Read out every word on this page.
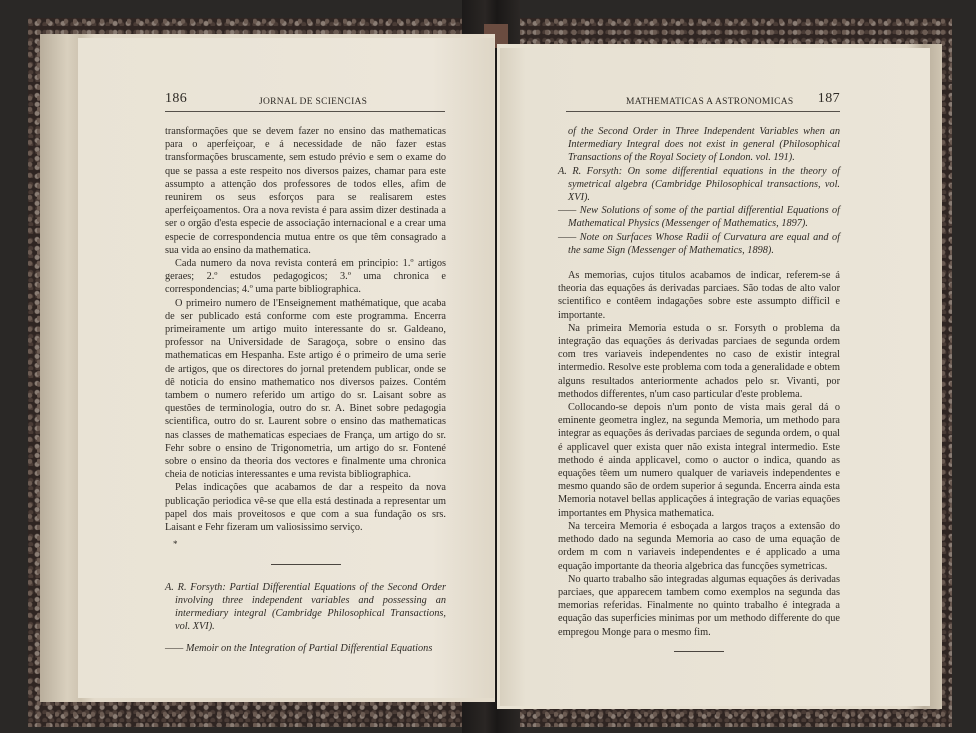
186	JORNAL DE SCIENCIAS

transformações que se devem fazer no ensino das mathematicas para o aperfeiçoar, e á necessidade de não fazer estas transformações bruscamente, sem estudo prévio e sem o exame do que se passa a este respeito nos diversos paizes, chamar para este assumpto a attenção dos professores de todos elles, afim de reunirem os seus esforços para se realisarem estes aperfeiçoamentos. Ora a nova revista é para assim dizer destinada a ser o orgão d'esta especie de associação internacional e a crear uma especie de correspondencia mutua entre os que têm consagrado a sua vida ao ensino da mathematica.

Cada numero da nova revista conterá em principio: 1.º artigos geraes; 2.º estudos pedagogicos; 3.º uma chronica e correspondencias; 4.º uma parte bibliographica.

O primeiro numero de l'Enseignement mathématique, que acaba de ser publicado está conforme com este programma. Encerra primeiramente um artigo muito interessante do sr. Galdeano, professor na Universidade de Saragoça, sobre o ensino das mathematicas em Hespanha. Este artigo é o primeiro de uma serie de artigos, que os directores do jornal pretendem publicar, onde se dê noticia do ensino mathematico nos diversos paizes. Contém tambem o numero referido um artigo do sr. Laisant sobre as questões de terminologia, outro do sr. A. Binet sobre pedagogia scientifica, outro do sr. Laurent sobre o ensino das mathematicas nas classes de mathematicas especiaes de França, um artigo do sr. Fehr sobre o ensino de Trigonometria, um artigo do sr. Fontené sobre o ensino da theoria dos vectores e finalmente uma chronica cheia de noticias interessantes e uma revista bibliographica.

Pelas indicações que acabamos de dar a respeito da nova publicação periodica vê-se que ella está destinada a representar um papel dos mais proveitosos e que com a sua fundação os srs. Laisant e Fehr fizeram um valiosissimo serviço.

*

A. R. Forsyth: Partial Differential Equations of the Second Order involving three independent variables and possessing an intermediary integral (Cambridge Philosophical Transactions, vol. XVI).

—— Memoir on the Integration of Partial Differential Equations

MATHEMATICAS A ASTRONOMICAS 187

of the Second Order in Three Independent Variables when an Intermediary Integral does not exist in general (Philosophical Transactions of the Royal Society of London. vol. 191).

A. R. Forsyth: On some differential equations in the theory of symetrical algebra (Cambridge Philosophical transactions, vol. XVI).

—— New Solutions of some of the partial differential Equations of Mathematical Physics (Messenger of Mathematics, 1897).

—— Note on Surfaces Whose Radii of Curvatura are equal and of the same Sign (Messenger of Mathematics, 1898).

As memorias, cujos titulos acabamos de indicar, referem-se á theoria das equações ás derivadas parciaes. São todas de alto valor scientifico e contêem indagações sobre este assumpto difficil e importante.

Na primeira Memoria estuda o sr. Forsyth o problema da integração das equações ás derivadas parciaes de segunda ordem com tres variaveis independentes no caso de existir integral intermedio. Resolve este problema com toda a generalidade e obtem alguns resultados anteriormente achados pelo sr. Vivanti, por methodos differentes, n'um caso particular d'este problema.

Collocando-se depois n'um ponto de vista mais geral dá o eminente geometra inglez, na segunda Memoria, um methodo para integrar as equações ás derivadas parciaes de segunda ordem, o qual é applicavel quer exista quer não exista integral intermedio. Este methodo é ainda applicavel, como o auctor o indica, quando as equações têem um numero qualquer de variaveis independentes e mesmo quando são de ordem superior á segunda. Encerra ainda esta Memoria notavel bellas applicações á integração de varias equações importantes em Physica mathematica.

Na terceira Memoria é esboçada a largos traços a extensão do methodo dado na segunda Memoria ao caso de uma equação de ordem m com n variaveis independentes e é applicado a uma equação importante da theoria algebrica das funcções symetricas.

No quarto trabalho são integradas algumas equações ás derivadas parciaes, que apparecem tambem como exemplos na segunda das memorias referidas. Finalmente no quinto trabalho é integrada a equação das superficies minimas por um methodo differente do que empregou Monge para o mesmo fim.
